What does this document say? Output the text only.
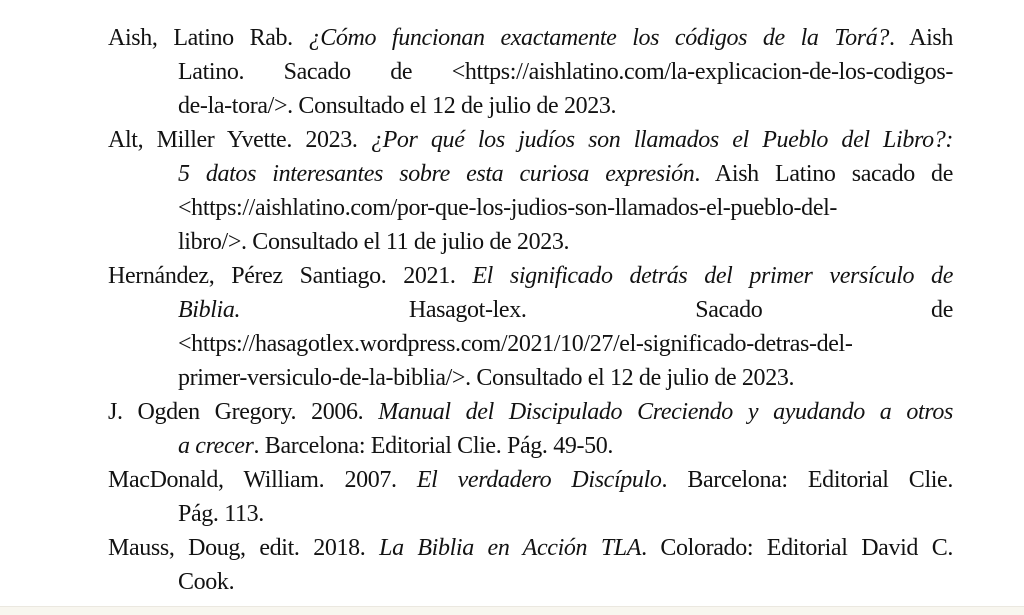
Aish, Latino Rab. ¿Cómo funcionan exactamente los códigos de la Torá?. Aish
Latino. Sacado de <https://aishlatino.com/la-explicacion-de-los-codigos-
de-la-tora/>. Consultado el 12 de julio de 2023.
Alt, Miller Yvette. 2023. ¿Por qué los judíos son llamados el Pueblo del Libro?:
5 datos interesantes sobre esta curiosa expresión. Aish Latino sacado de
<https://aishlatino.com/por-que-los-judios-son-llamados-el-pueblo-del-
libro/>. Consultado el 11 de julio de 2023.
Hernández, Pérez Santiago. 2021. El significado detrás del primer versículo de
Biblia. Hasagot-lex. Sacado de
<https://hasagotlex.wordpress.com/2021/10/27/el-significado-detras-del-
primer-versiculo-de-la-biblia/>. Consultado el 12 de julio de 2023.
J. Ogden Gregory. 2006. Manual del Discipulado Creciendo y ayudando a otros
a crecer. Barcelona: Editorial Clie. Pág. 49-50.
MacDonald, William. 2007. El verdadero Discípulo. Barcelona: Editorial Clie.
Pág. 113.
Mauss, Doug, edit. 2018. La Biblia en Acción TLA. Colorado: Editorial David C.
Cook.
